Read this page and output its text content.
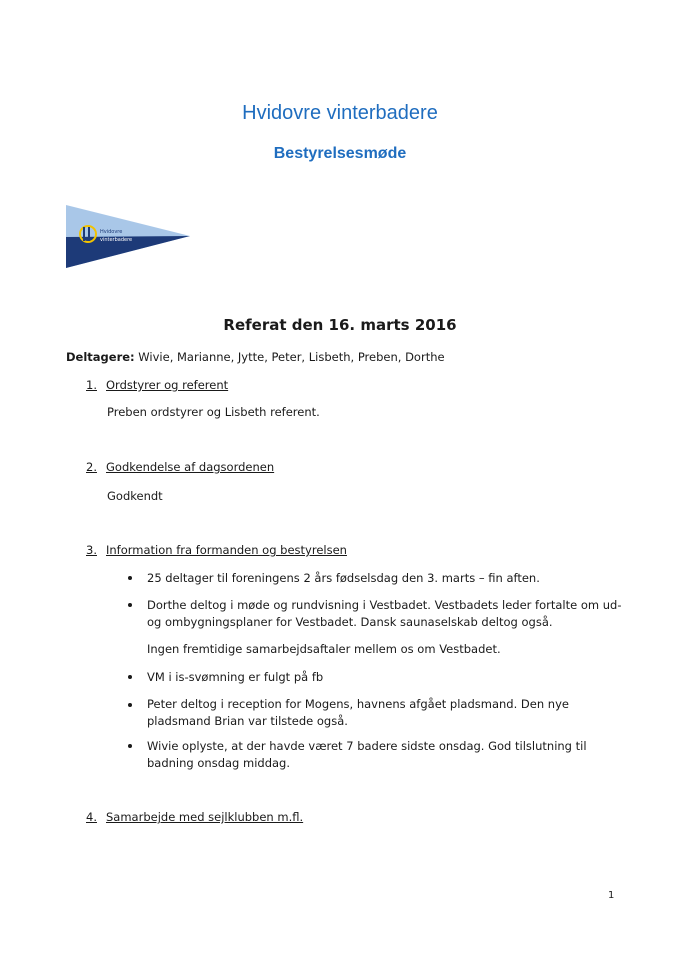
Hvidovre vinterbadere
Bestyrelsesmøde
Hvidovre
vinterbadere
Referat den 16. marts 2016
Deltagere: Wivie, Marianne, Jytte, Peter, Lisbeth, Preben, Dorthe
1. Ordstyrer og referent
Preben ordstyrer og Lisbeth referent.
2. Godkendelse af dagsordenen
Godkendt
3. Information fra formanden og bestyrelsen
25 deltager til foreningens 2 års fødselsdag den 3. marts – fin aften.
Dorthe deltog i møde og rundvisning i Vestbadet. Vestbadets leder fortalte om ud- og ombygningsplaner for Vestbadet. Dansk saunaselskab deltog også.
Ingen fremtidige samarbejdsaftaler mellem os om Vestbadet.
VM i is-svømning er fulgt på fb
Peter deltog i reception for Mogens, havnens afgået pladsmand. Den nye pladsmand Brian var tilstede også.
Wivie oplyste, at der havde været 7 badere sidste onsdag. God tilslutning til badning onsdag middag.
4. Samarbejde med sejlklubben m.fl.
1
